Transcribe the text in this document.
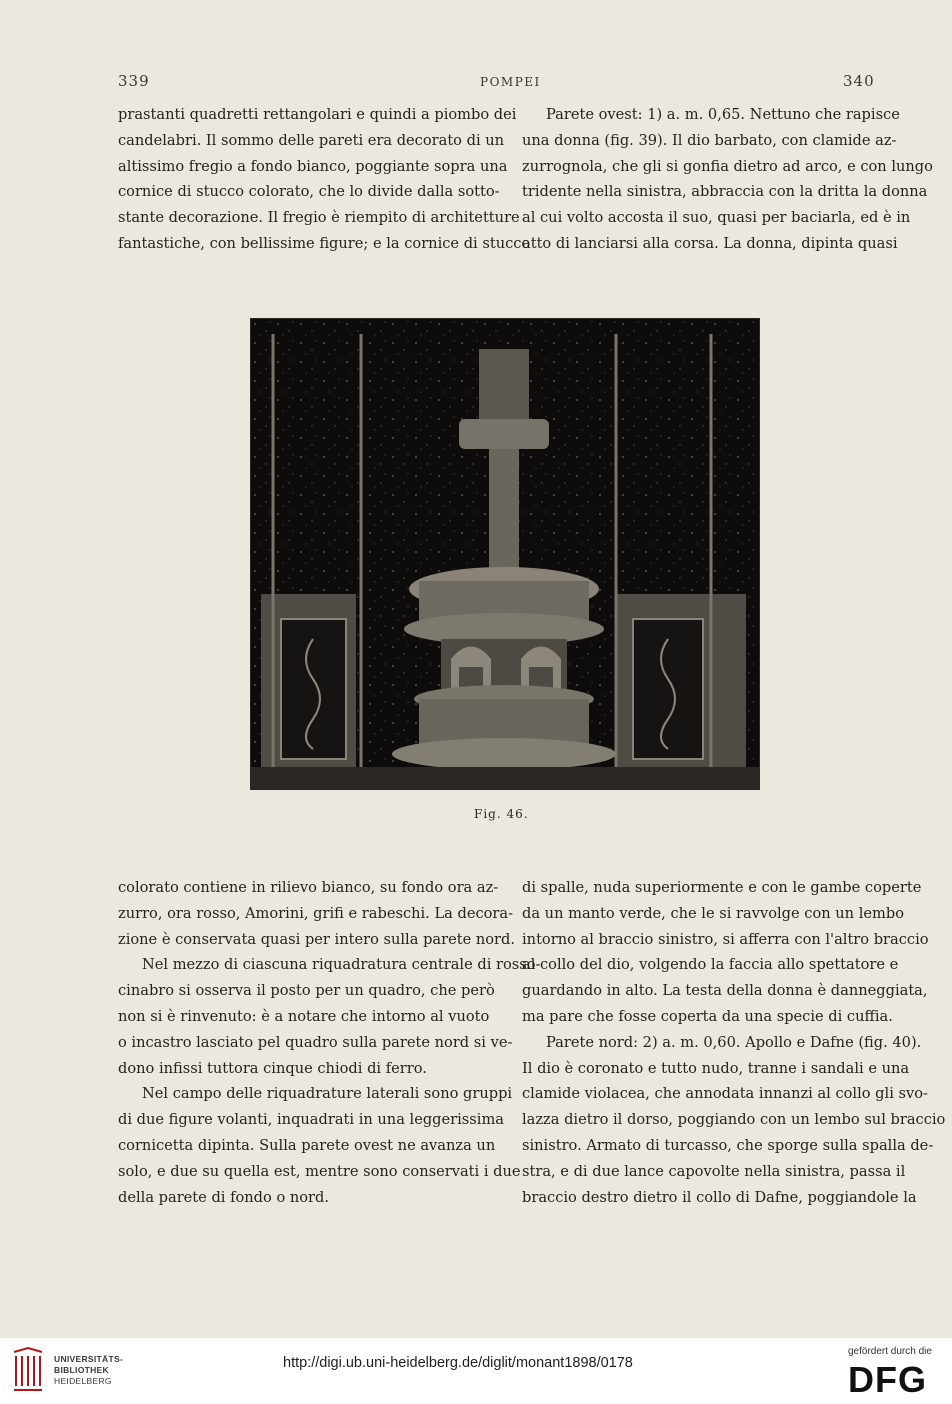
339	POMPEI	340
prastanti quadretti rettangolari e quindi a piombo dei
candelabri. Il sommo delle pareti era decorato di un
altissimo fregio a fondo bianco, poggiante sopra una
cornice di stucco colorato, che lo divide dalla sotto-
stante decorazione. Il fregio è riempito di architetture
fantastiche, con bellissime figure; e la cornice di stucco
Parete ovest: 1) a. m. 0,65. Nettuno che rapisce
una donna (fig. 39). Il dio barbato, con clamide az-
zurrognola, che gli si gonfia dietro ad arco, e con lungo
tridente nella sinistra, abbraccia con la dritta la donna
al cui volto accosta il suo, quasi per baciarla, ed è in
atto di lanciarsi alla corsa. La donna, dipinta quasi
Fig. 46.
colorato contiene in rilievo bianco, su fondo ora az-
zurro, ora rosso, Amorini, grifi e rabeschi. La decora-
zione è conservata quasi per intero sulla parete nord.
Nel mezzo di ciascuna riquadratura centrale di rosso-
cinabro si osserva il posto per un quadro, che però
non si è rinvenuto: è a notare che intorno al vuoto
o incastro lasciato pel quadro sulla parete nord si ve-
dono infissi tuttora cinque chiodi di ferro.
Nel campo delle riquadrature laterali sono gruppi
di due figure volanti, inquadrati in una leggerissima
cornicetta dipinta. Sulla parete ovest ne avanza un
solo, e due su quella est, mentre sono conservati i due
della parete di fondo o nord.
di spalle, nuda superiormente e con le gambe coperte
da un manto verde, che le si ravvolge con un lembo
intorno al braccio sinistro, si afferra con l'altro braccio
al collo del dio, volgendo la faccia allo spettatore e
guardando in alto. La testa della donna è danneggiata,
ma pare che fosse coperta da una specie di cuffia.
Parete nord: 2) a. m. 0,60. Apollo e Dafne (fig. 40).
Il dio è coronato e tutto nudo, tranne i sandali e una
clamide violacea, che annodata innanzi al collo gli svo-
lazza dietro il dorso, poggiando con un lembo sul braccio
sinistro. Armato di turcasso, che sporge sulla spalla de-
stra, e di due lance capovolte nella sinistra, passa il
braccio destro dietro il collo di Dafne, poggiandole la
UNIVERSITÄTS-
BIBLIOTHEK
HEIDELBERG
http://digi.ub.uni-heidelberg.de/diglit/monant1898/0178
gefördert durch die
DFG
